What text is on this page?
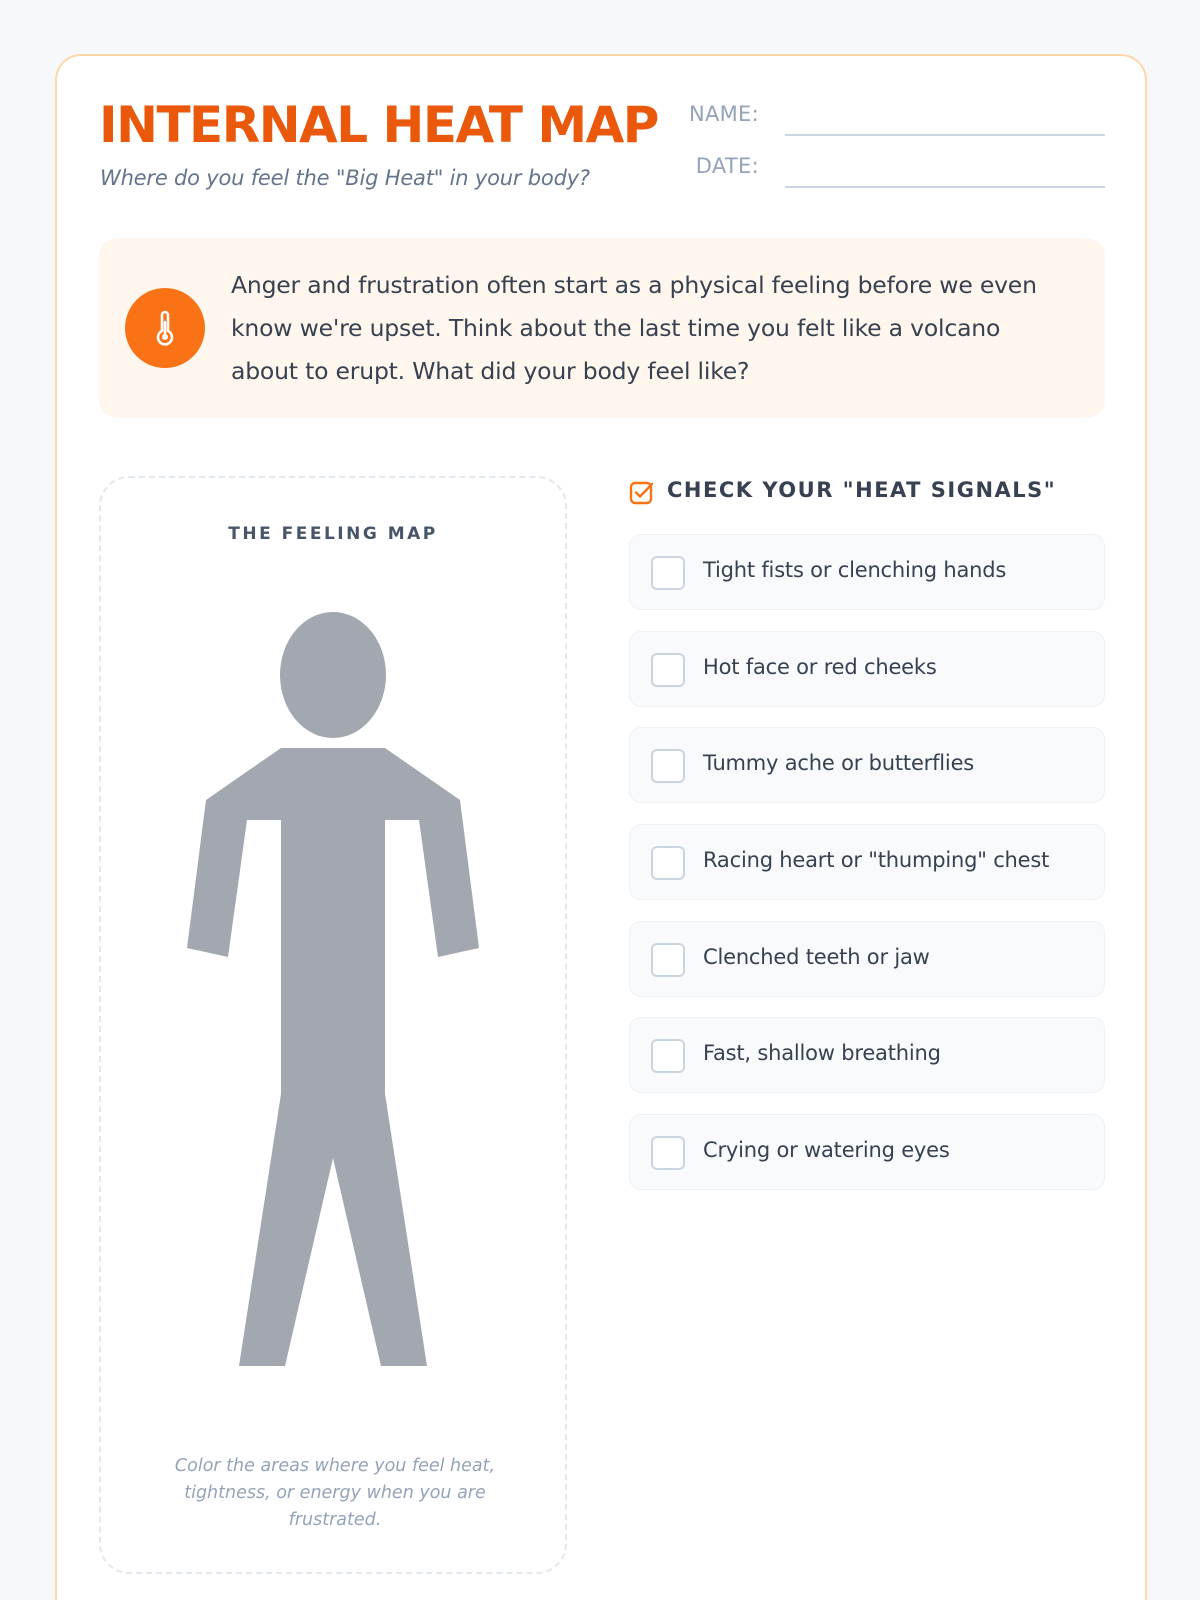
INTERNAL HEAT MAP
Where do you feel the "Big Heat" in your body?
NAME:
DATE:

Anger and frustration often start as a physical feeling before we even know we're upset. Think about the last time you felt like a volcano about to erupt. What did your body feel like?

THE FEELING MAP

Color the areas where you feel heat, tightness, or energy when you are frustrated.

CHECK YOUR "HEAT SIGNALS"
Tight fists or clenching hands
Hot face or red cheeks
Tummy ache or butterflies
Racing heart or "thumping" chest
Clenched teeth or jaw
Fast, shallow breathing
Crying or watering eyes
